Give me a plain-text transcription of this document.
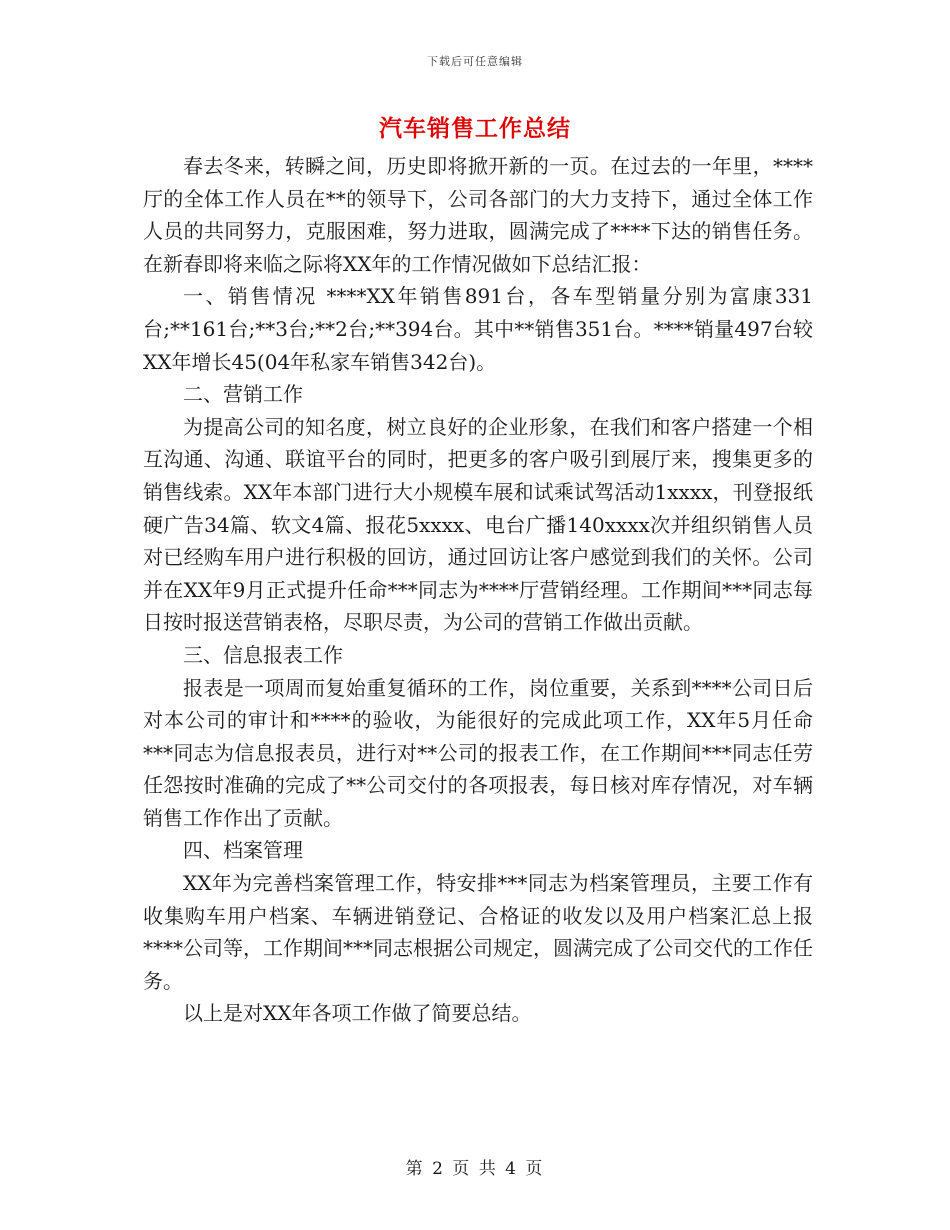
下载后可任意编辑
汽车销售工作总结

春去冬来，转瞬之间，历史即将掀开新的一页。在过去的一年里，****厅的全体工作人员在**的领导下，公司各部门的大力支持下，通过全体工作人员的共同努力，克服困难，努力进取，圆满完成了****下达的销售任务。在新春即将来临之际将XX年的工作情况做如下总结汇报：

一、销售情况 ****XX年销售891台，各车型销量分别为富康331台;**161台;**3台;**2台;**394台。其中**销售351台。****销量497台较XX年增长45(04年私家车销售342台)。

二、营销工作

为提高公司的知名度，树立良好的企业形象，在我们和客户搭建一个相互沟通、沟通、联谊平台的同时，把更多的客户吸引到展厅来，搜集更多的销售线索。XX年本部门进行大小规模车展和试乘试驾活动1xxxx，刊登报纸硬广告34篇、软文4篇、报花5xxxx、电台广播140xxxx次并组织销售人员对已经购车用户进行积极的回访，通过回访让客户感觉到我们的关怀。公司并在XX年9月正式提升任命***同志为****厅营销经理。工作期间***同志每日按时报送营销表格，尽职尽责，为公司的营销工作做出贡献。

三、信息报表工作

报表是一项周而复始重复循环的工作，岗位重要，关系到****公司日后对本公司的审计和****的验收，为能很好的完成此项工作，XX年5月任命***同志为信息报表员，进行对**公司的报表工作，在工作期间***同志任劳任怨按时准确的完成了**公司交付的各项报表，每日核对库存情况，对车辆销售工作作出了贡献。

四、档案管理

XX年为完善档案管理工作，特安排***同志为档案管理员，主要工作有收集购车用户档案、车辆进销登记、合格证的收发以及用户档案汇总上报****公司等，工作期间***同志根据公司规定，圆满完成了公司交代的工作任务。

以上是对XX年各项工作做了简要总结。

第 2 页 共 4 页
